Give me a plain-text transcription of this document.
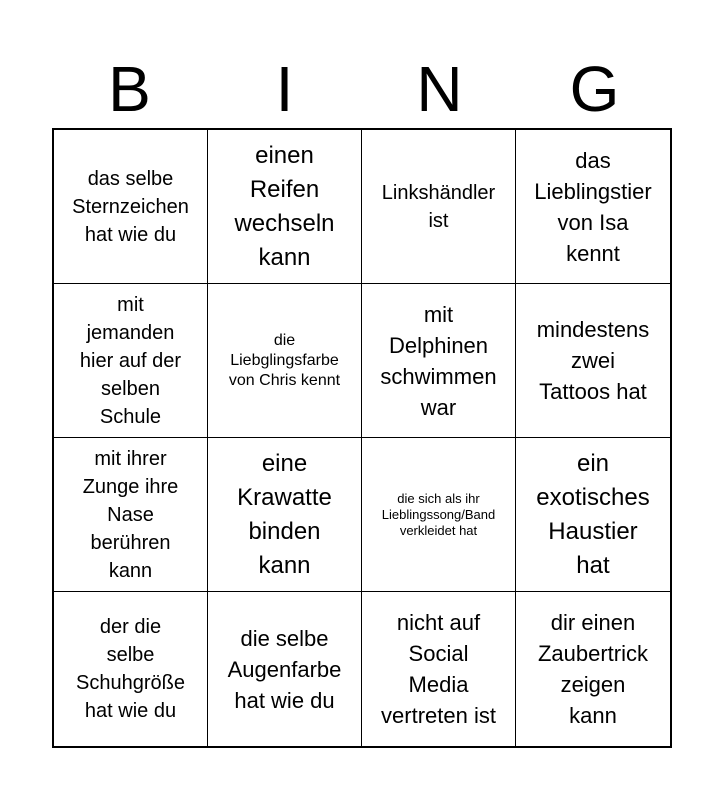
B	I	N	G
das selbe
Sternzeichen
hat wie du
einen
Reifen
wechseln
kann
Linkshändler
ist
das
Lieblingstier
von Isa
kennt
mit
jemanden
hier auf der
selben
Schule
die
Liebglingsfarbe
von Chris kennt
mit
Delphinen
schwimmen
war
mindestens
zwei
Tattoos hat
mit ihrer
Zunge ihre
Nase
berühren
kann
eine
Krawatte
binden
kann
die sich als ihr
Lieblingssong/Band
verkleidet hat
ein
exotisches
Haustier
hat
der die
selbe
Schuhgröße
hat wie du
die selbe
Augenfarbe
hat wie du
nicht auf
Social
Media
vertreten ist
dir einen
Zaubertrick
zeigen
kann
